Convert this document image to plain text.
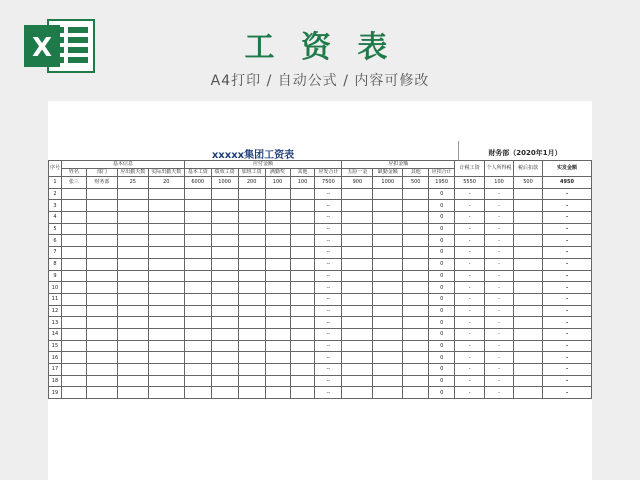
X	工 资 表
A4打印 / 自动公式 / 内容可修改
xxxxx集团工资表	财务部（2020年1月）
序号	基本信息				应付金额						应扣金额				计税工资	个人所得税	税后扣款	实发金额
	姓名	部门	应出勤天数	实际出勤天数	基本工资	绩效工资	加班工资	满勤奖	其他	应发合计	五险一金	缺勤金额	其他	应扣合计				
1	张三	财务部	25	20	6000	1000	200	100	100	7500	900	1000	500	1950	5550	100	500	4950
2										--				0	-	-		-
3										--				0	-	-		-
4										--				0	-	-		-
5										--				0	-	-		-
6										--				0	-	-		-
7										--				0	-	-		-
8										--				0	-	-		-
9										--				0	-	-		-
10										--				0	-	-		-
11										--				0	-	-		-
12										--				0	-	-		-
13										--				0	-	-		-
14										--				0	-	-		-
15										--				0	-	-		-
16										--				0	-	-		-
17										--				0	-	-		-
18										--				0	-	-		-
19										--				0	-	-		-
